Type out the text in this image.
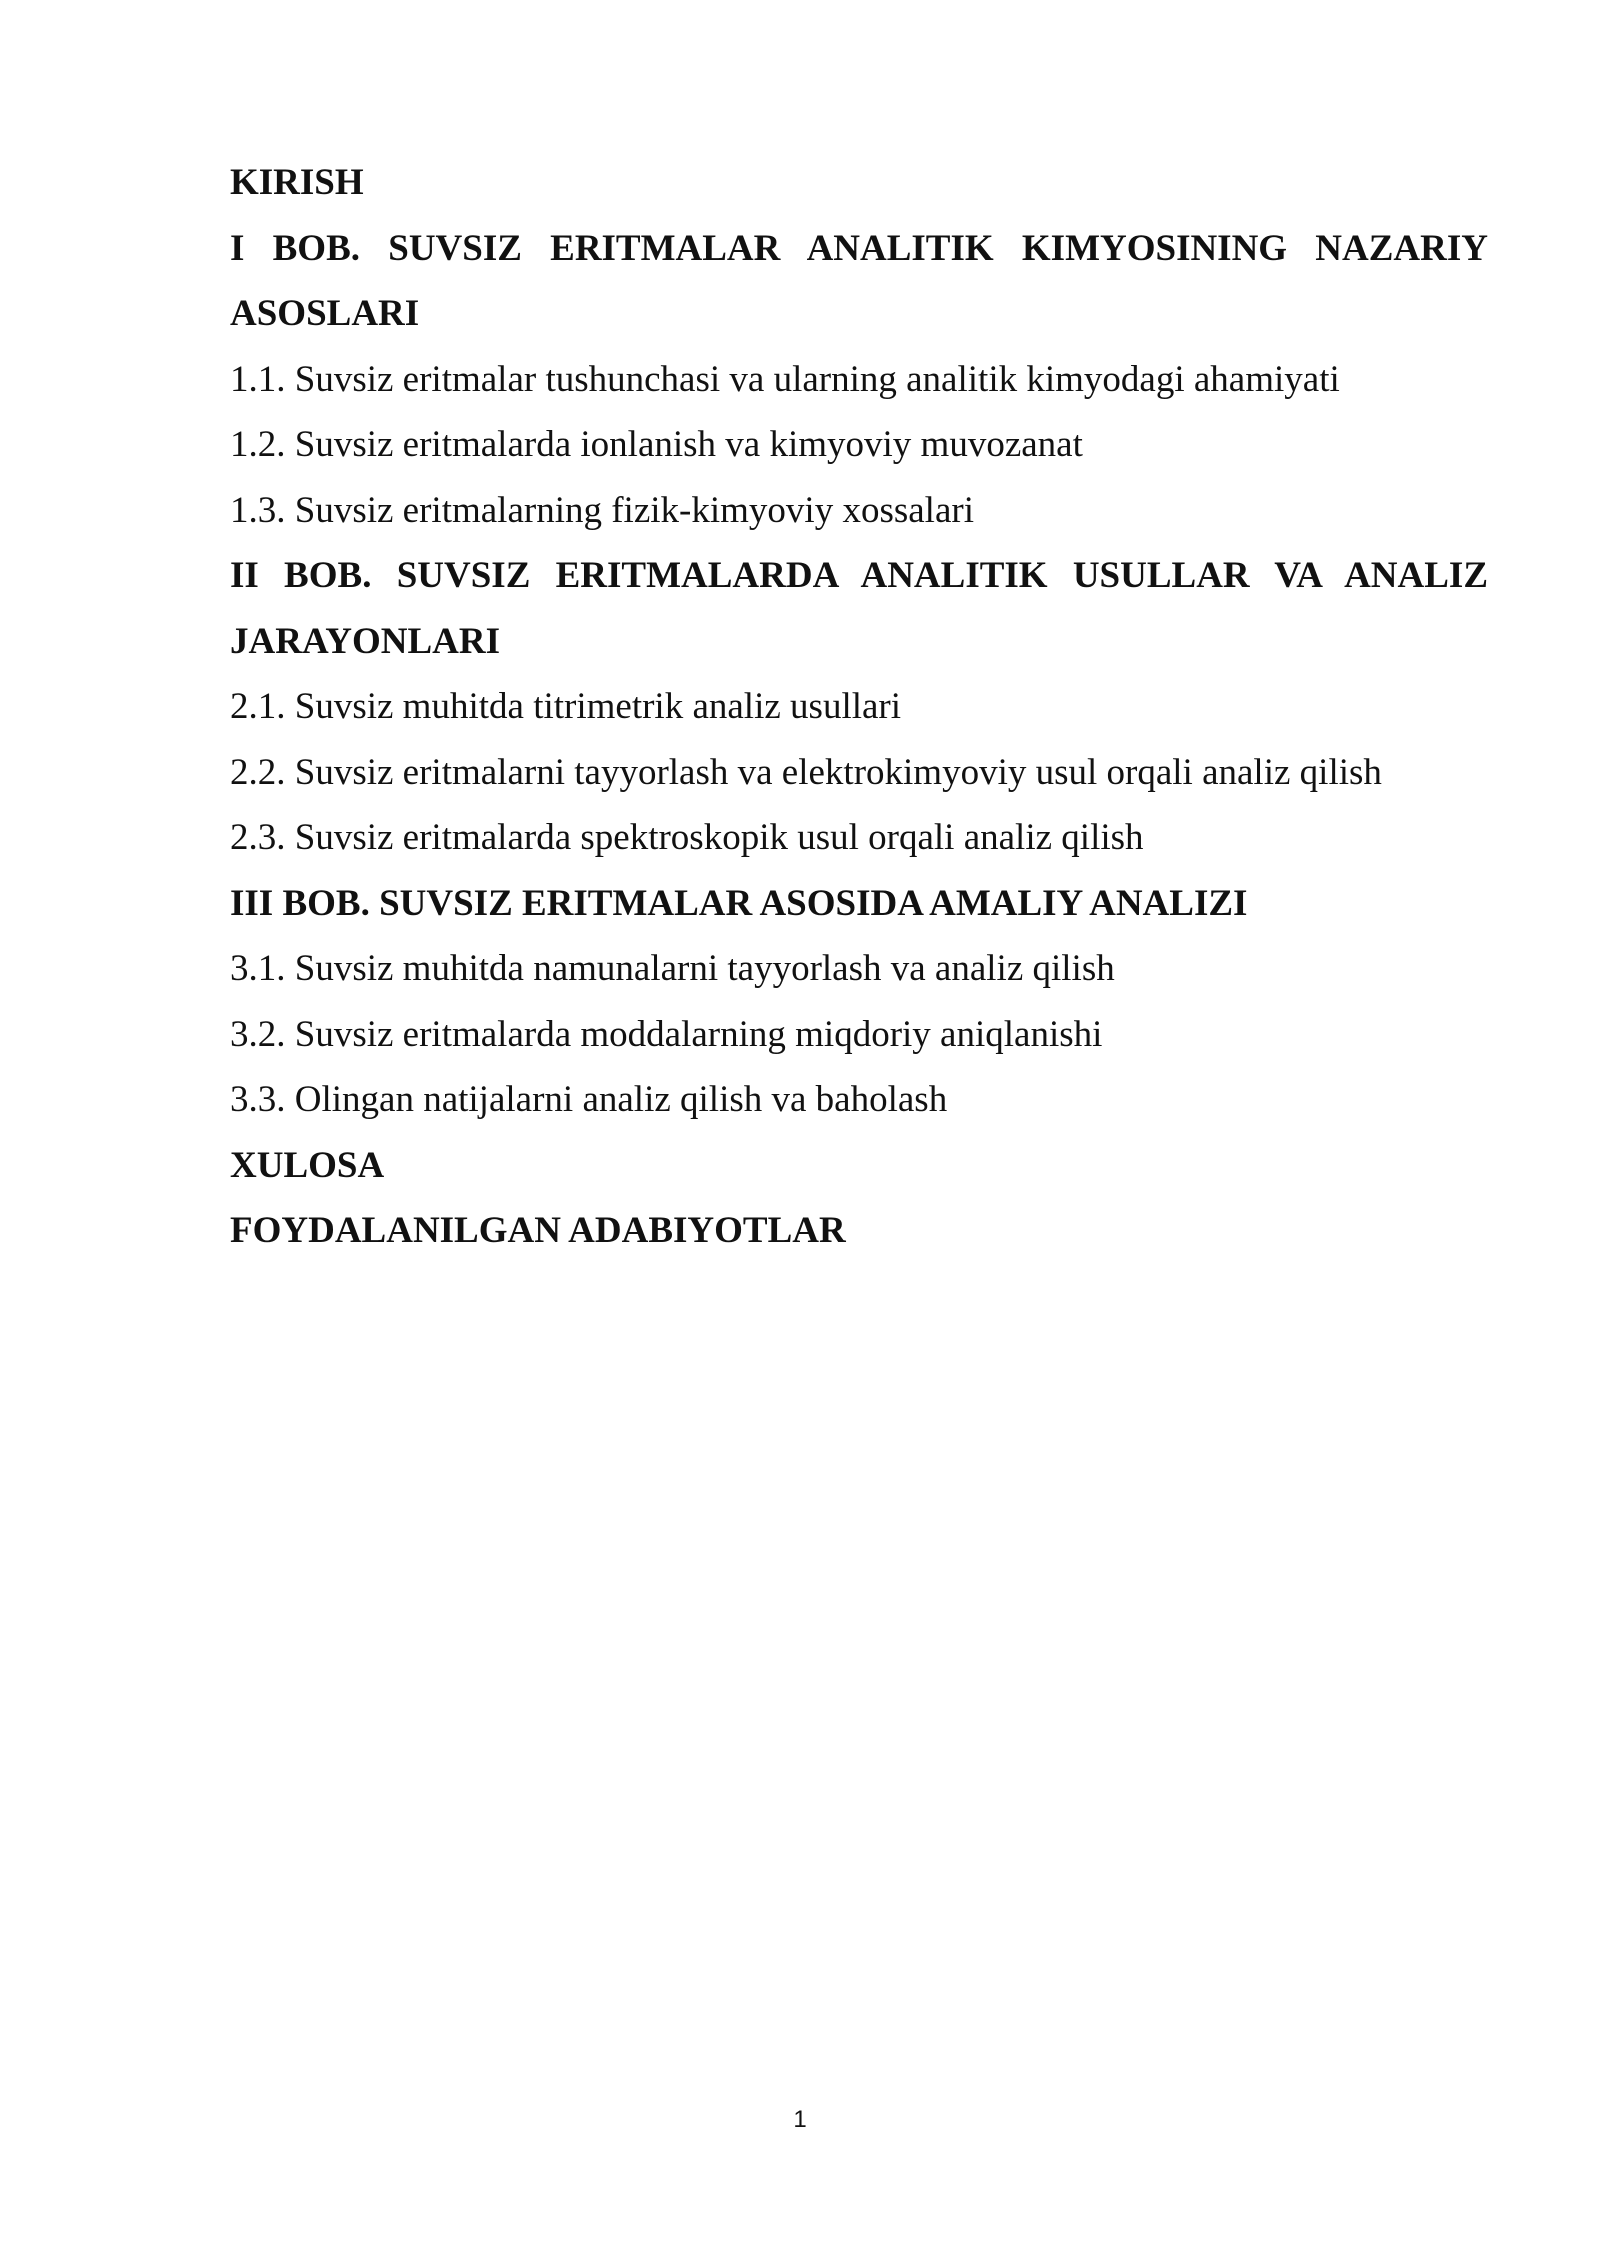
KIRISH

I BOB. SUVSIZ ERITMALAR ANALITIK KIMYOSINING NAZARIY ASOSLARI

1.1. Suvsiz eritmalar tushunchasi va ularning analitik kimyodagi ahamiyati

1.2. Suvsiz eritmalarda ionlanish va kimyoviy muvozanat

1.3. Suvsiz eritmalarning fizik-kimyoviy xossalari

II BOB. SUVSIZ ERITMALARDA ANALITIK USULLAR VA ANALIZ JARAYONLARI

2.1. Suvsiz muhitda titrimetrik analiz usullari

2.2. Suvsiz eritmalarni tayyorlash va elektrokimyoviy usul orqali analiz qilish

2.3. Suvsiz eritmalarda spektroskopik usul orqali analiz qilish

III BOB. SUVSIZ ERITMALAR ASOSIDA AMALIY ANALIZI

3.1. Suvsiz muhitda namunalarni tayyorlash va analiz qilish

3.2. Suvsiz eritmalarda moddalarning miqdoriy aniqlanishi

3.3. Olingan natijalarni analiz qilish va baholash

XULOSA

FOYDALANILGAN ADABIYOTLAR

1
